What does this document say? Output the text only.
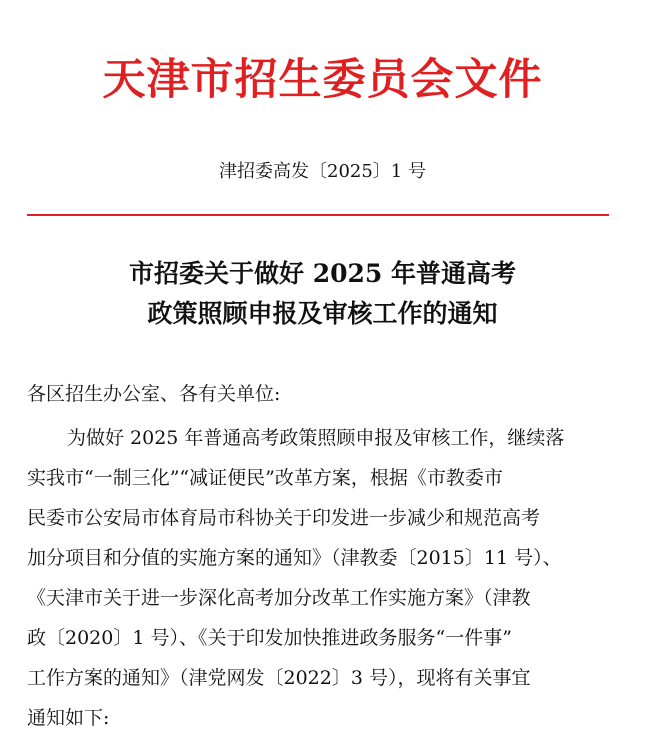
天津市招生委员会文件
津招委高发〔2025〕1 号
市招委关于做好 2025 年普通高考
政策照顾申报及审核工作的通知
各区招生办公室、各有关单位:
为做好 2025 年普通高考政策照顾申报及审核工作，继续落
实我市“一制三化”“减证便民”改革方案，根据《市教委市
民委市公安局市体育局市科协关于印发进一步减少和规范高考
加分项目和分值的实施方案的通知》（津教委〔2015〕11 号）、
《天津市关于进一步深化高考加分改革工作实施方案》（津教
政〔2020〕1 号）、《关于印发加快推进政务服务“一件事”
工作方案的通知》（津党网发〔2022〕3 号），现将有关事宜
通知如下:
